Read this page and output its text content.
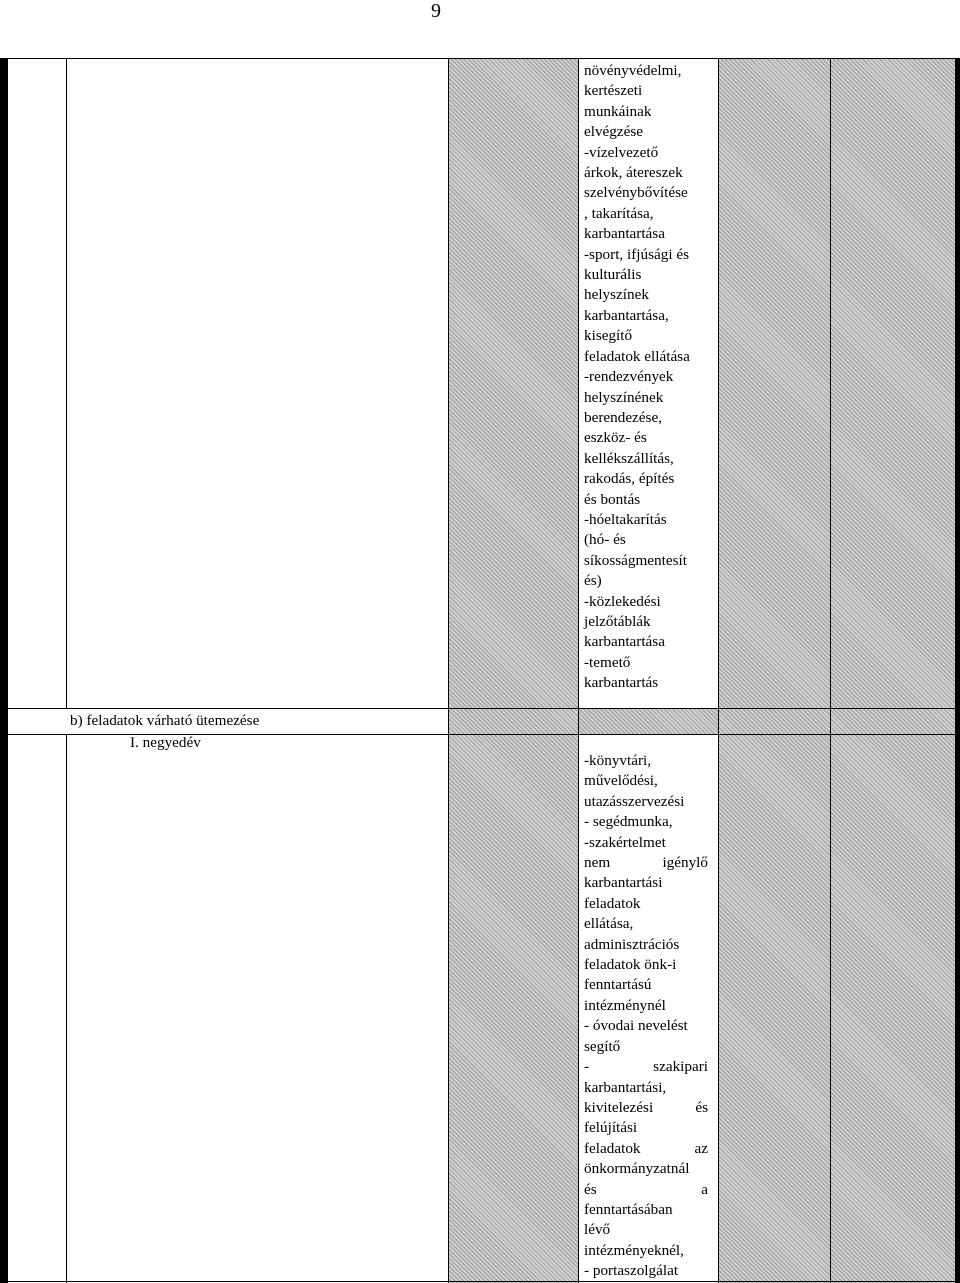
9
növényvédelmi,
kertészeti
munkáinak
elvégzése
-vízelvezető
árkok, átereszek
szelvénybővítése
, takarítása,
karbantartása
-sport, ifjúsági és
kulturális
helyszínek
karbantartása,
kisegítő
feladatok ellátása
-rendezvények
helyszínének
berendezése,
eszköz- és
kellékszállítás,
rakodás, építés
és bontás
-hóeltakarítás
(hó- és
síkosságmentesít
és)
-közlekedési
jelzőtáblák
karbantartása
-temető
karbantartás
b) feladatok várható ütemezése
I. negyedév
-könyvtári,
művelődési,
utazásszervezési
- segédmunka,
-szakértelmet
nem	igénylő
karbantartási
feladatok
ellátása,
adminisztrációs
feladatok önk-i
fenntartású
intézménynél
- óvodai nevelést
segítő
-	szakipari
karbantartási,
kivitelezési	és
felújítási
feladatok	az
önkormányzatnál
és	a
fenntartásában
lévő
intézményeknél,
- portaszolgálat
